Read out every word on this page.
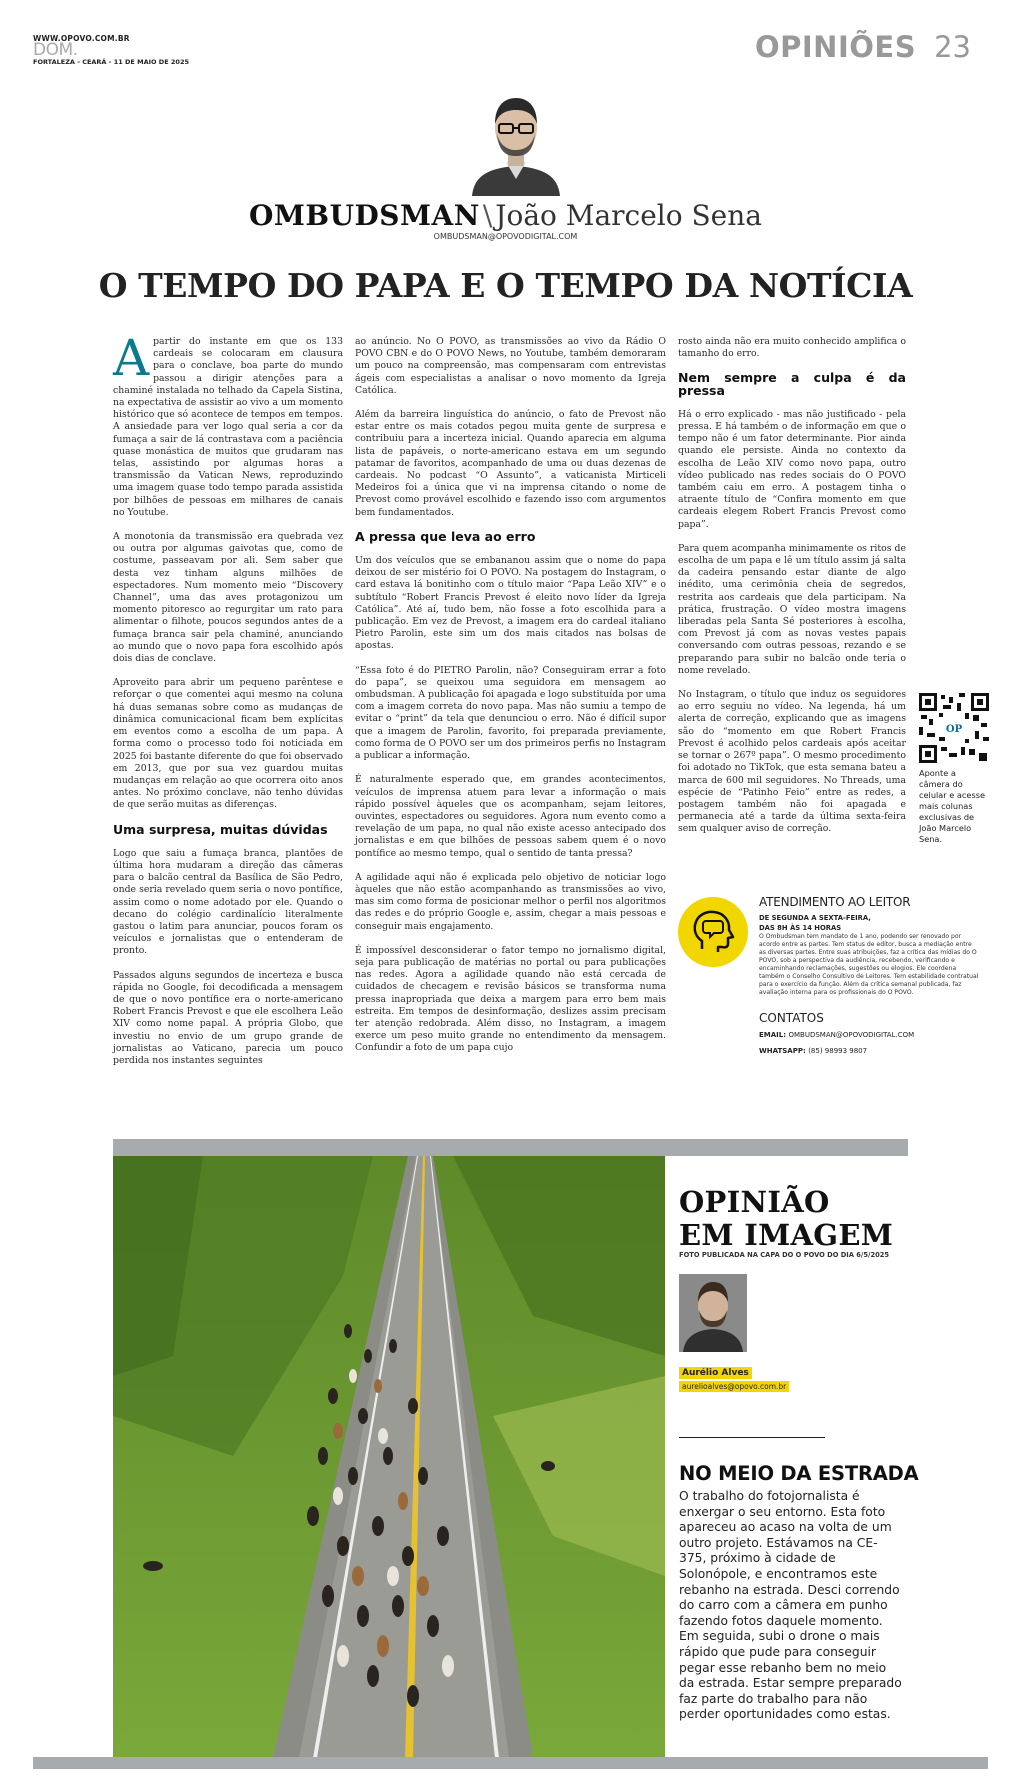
WWW.OPOVO.COM.BR
DOM.
FORTALEZA - CEARÁ - 11 DE MAIO DE 2025	OPINIÕES 23
OMBUDSMAN \ João Marcelo Sena
OMBUDSMAN@OPOVODIGITAL.COM
O TEMPO DO PAPA E O TEMPO DA NOTÍCIA

Apartir do instante em que os 133 cardeais se colocaram em clausura para o conclave, boa parte do mundo passou a dirigir atenções para a chaminé instalada no telhado da Capela Sistina, na expectativa de assistir ao vivo a um momento histórico que só acontece de tempos em tempos. A ansiedade para ver logo qual seria a cor da fumaça a sair de lá contrastava com a paciência quase monástica de muitos que grudaram nas telas, assistindo por algumas horas a transmissão da Vatican News, reproduzindo uma imagem quase todo tempo parada assistida por bilhões de pessoas em milhares de canais no Youtube.

A monotonia da transmissão era quebrada vez ou outra por algumas gaivotas que, como de costume, passeavam por ali. Sem saber que desta vez tinham alguns milhões de espectadores. Num momento meio “Discovery Channel”, uma das aves protagonizou um momento pitoresco ao regurgitar um rato para alimentar o filhote, poucos segundos antes de a fumaça branca sair pela chaminé, anunciando ao mundo que o novo papa fora escolhido após dois dias de conclave.

Aproveito para abrir um pequeno parêntese e reforçar o que comentei aqui mesmo na coluna há duas semanas sobre como as mudanças de dinâmica comunicacional ficam bem explícitas em eventos como a escolha de um papa. A forma como o processo todo foi noticiada em 2025 foi bastante diferente do que foi observado em 2013, que por sua vez guardou muitas mudanças em relação ao que ocorrera oito anos antes. No próximo conclave, não tenho dúvidas de que serão muitas as diferenças.

Uma surpresa, muitas dúvidas

Logo que saiu a fumaça branca, plantões de última hora mudaram a direção das câmeras para o balcão central da Basílica de São Pedro, onde seria revelado quem seria o novo pontífice, assim como o nome adotado por ele. Quando o decano do colégio cardinalício literalmente gastou o latim para anunciar, poucos foram os veículos e jornalistas que o entenderam de pronto.

Passados alguns segundos de incerteza e busca rápida no Google, foi decodificada a mensagem de que o novo pontífice era o norte-americano Robert Francis Prevost e que ele escolhera Leão XIV como nome papal. A própria Globo, que investiu no envio de um grupo grande de jornalistas ao Vaticano, parecia um pouco perdida nos instantes seguintes

ao anúncio. No O POVO, as transmissões ao vivo da Rádio O POVO CBN e do O POVO News, no Youtube, também demoraram um pouco na compreensão, mas compensaram com entrevistas ágeis com especialistas a analisar o novo momento da Igreja Católica.

Além da barreira linguística do anúncio, o fato de Prevost não estar entre os mais cotados pegou muita gente de surpresa e contribuiu para a incerteza inicial. Quando aparecia em alguma lista de papáveis, o norte-americano estava em um segundo patamar de favoritos, acompanhado de uma ou duas dezenas de cardeais. No podcast “O Assunto”, a vaticanista Mirticeli Medeiros foi a única que vi na imprensa citando o nome de Prevost como provável escolhido e fazendo isso com argumentos bem fundamentados.

A pressa que leva ao erro

Um dos veículos que se embananou assim que o nome do papa deixou de ser mistério foi O POVO. Na postagem do Instagram, o card estava lá bonitinho com o título maior “Papa Leão XIV” e o subtítulo “Robert Francis Prevost é eleito novo líder da Igreja Católica”. Até aí, tudo bem, não fosse a foto escolhida para a publicação. Em vez de Prevost, a imagem era do cardeal italiano Pietro Parolin, este sim um dos mais citados nas bolsas de apostas.

“Essa foto é do PIETRO Parolin, não? Conseguiram errar a foto do papa”, se queixou uma seguidora em mensagem ao ombudsman. A publicação foi apagada e logo substituída por uma com a imagem correta do novo papa. Mas não sumiu a tempo de evitar o “print” da tela que denunciou o erro. Não é difícil supor que a imagem de Parolin, favorito, foi preparada previamente, como forma de O POVO ser um dos primeiros perfis no Instagram a publicar a informação.

É naturalmente esperado que, em grandes acontecimentos, veículos de imprensa atuem para levar a informação o mais rápido possível àqueles que os acompanham, sejam leitores, ouvintes, espectadores ou seguidores. Agora num evento como a revelação de um papa, no qual não existe acesso antecipado dos jornalistas e em que bilhões de pessoas sabem quem é o novo pontífice ao mesmo tempo, qual o sentido de tanta pressa?

A agilidade aqui não é explicada pelo objetivo de noticiar logo àqueles que não estão acompanhando as transmissões ao vivo, mas sim como forma de posicionar melhor o perfil nos algoritmos das redes e do próprio Google e, assim, chegar a mais pessoas e conseguir mais engajamento.

É impossível desconsiderar o fator tempo no jornalismo digital, seja para publicação de matérias no portal ou para publicações nas redes. Agora a agilidade quando não está cercada de cuidados de checagem e revisão básicos se transforma numa pressa inapropriada que deixa a margem para erro bem mais estreita. Em tempos de desinformação, deslizes assim precisam ter atenção redobrada. Além disso, no Instagram, a imagem exerce um peso muito grande no entendimento da mensagem. Confundir a foto de um papa cujo

rosto ainda não era muito conhecido amplifica o tamanho do erro.

Nem sempre a culpa é da pressa

Há o erro explicado - mas não justificado - pela pressa. E há também o de informação em que o tempo não é um fator determinante. Pior ainda quando ele persiste. Ainda no contexto da escolha de Leão XIV como novo papa, outro vídeo publicado nas redes sociais do O POVO também caiu em erro. A postagem tinha o atraente título de “Confira momento em que cardeais elegem Robert Francis Prevost como papa”.

Para quem acompanha minimamente os ritos de escolha de um papa e lê um título assim já salta da cadeira pensando estar diante de algo inédito, uma cerimônia cheia de segredos, restrita aos cardeais que dela participam. Na prática, frustração. O vídeo mostra imagens liberadas pela Santa Sé posteriores à escolha, com Prevost já com as novas vestes papais conversando com outras pessoas, rezando e se preparando para subir no balcão onde teria o nome revelado.

No Instagram, o título que induz os seguidores ao erro seguiu no vídeo. Na legenda, há um alerta de correção, explicando que as imagens são do “momento em que Robert Francis Prevost é acolhido pelos cardeais após aceitar se tornar o 267º papa”. O mesmo procedimento foi adotado no TikTok, que esta semana bateu a marca de 600 mil seguidores. No Threads, uma espécie de “Patinho Feio” entre as redes, a postagem também não foi apagada e permanecia até a tarde da última sexta-feira sem qualquer aviso de correção.

OP
Aponte a câmera do celular e acesse mais colunas exclusivas de João Marcelo Sena.
ATENDIMENTO AO LEITOR
DE SEGUNDA A SEXTA-FEIRA,
DAS 8H ÀS 14 HORAS
O Ombudsman tem mandato de 1 ano, podendo ser renovado por acordo entre as partes. Tem status de editor, busca a mediação entre as diversas partes. Entre suas atribuições, faz a crítica das mídias do O POVO, sob a perspectiva da audiência, recebendo, verificando e encaminhando reclamações, sugestões ou elogios. Ele coordena também o Conselho Consultivo de Leitores. Tem estabilidade contratual para o exercício da função. Além da crítica semanal publicada, faz avaliação interna para os profissionais do O POVO.
CONTATOS
EMAIL: OMBUDSMAN@OPOVODIGITAL.COM
WHATSAPP: (85) 98993 9807
OPINIÃO
EM IMAGEM
FOTO PUBLICADA NA CAPA DO O POVO DO DIA 6/5/2025
Aurélio Alves
aurelioalves@opovo.com.br
NO MEIO DA ESTRADA
O trabalho do fotojornalista é enxergar o seu entorno. Esta foto apareceu ao acaso na volta de um outro projeto. Estávamos na CE-375, próximo à cidade de Solonópole, e encontramos este rebanho na estrada. Desci correndo do carro com a câmera em punho fazendo fotos daquele momento. Em seguida, subi o drone o mais rápido que pude para conseguir pegar esse rebanho bem no meio da estrada. Estar sempre preparado faz parte do trabalho para não perder oportunidades como estas.
